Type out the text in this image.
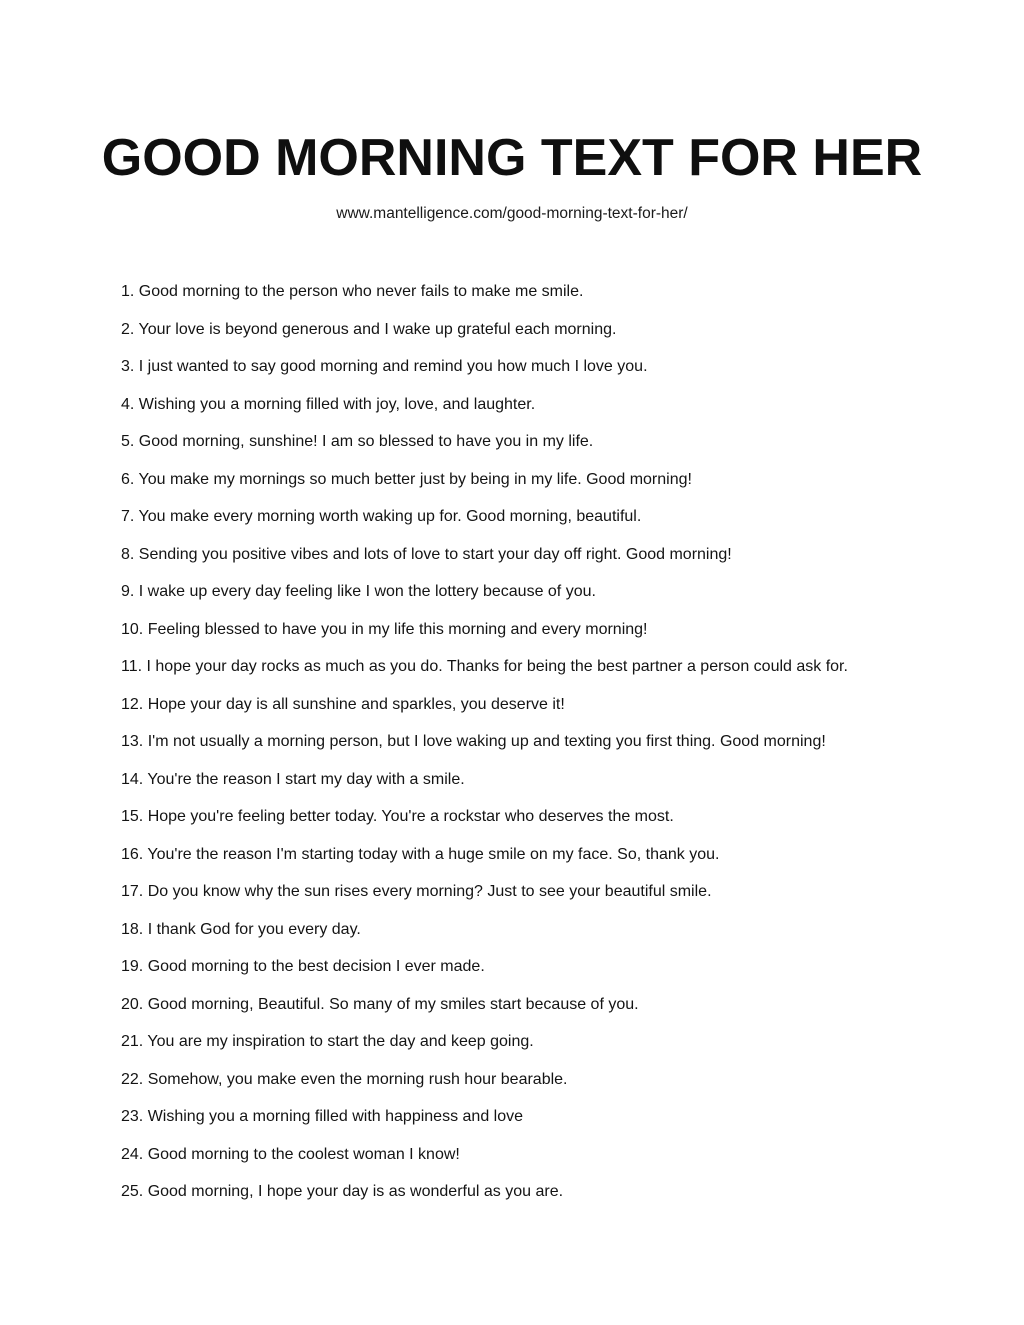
GOOD MORNING TEXT FOR HER
www.mantelligence.com/good-morning-text-for-her/
1. Good morning to the person who never fails to make me smile.
2. Your love is beyond generous and I wake up grateful each morning.
3. I just wanted to say good morning and remind you how much I love you.
4. Wishing you a morning filled with joy, love, and laughter.
5. Good morning, sunshine! I am so blessed to have you in my life.
6. You make my mornings so much better just by being in my life. Good morning!
7. You make every morning worth waking up for. Good morning, beautiful.
8. Sending you positive vibes and lots of love to start your day off right. Good morning!
9. I wake up every day feeling like I won the lottery because of you.
10. Feeling blessed to have you in my life this morning and every morning!
11. I hope your day rocks as much as you do. Thanks for being the best partner a person could ask for.
12. Hope your day is all sunshine and sparkles, you deserve it!
13. I'm not usually a morning person, but I love waking up and texting you first thing. Good morning!
14. You're the reason I start my day with a smile.
15. Hope you're feeling better today. You're a rockstar who deserves the most.
16. You're the reason I'm starting today with a huge smile on my face. So, thank you.
17. Do you know why the sun rises every morning? Just to see your beautiful smile.
18. I thank God for you every day.
19. Good morning to the best decision I ever made.
20. Good morning, Beautiful. So many of my smiles start because of you.
21. You are my inspiration to start the day and keep going.
22. Somehow, you make even the morning rush hour bearable.
23. Wishing you a morning filled with happiness and love
24. Good morning to the coolest woman I know!
25. Good morning, I hope your day is as wonderful as you are.
